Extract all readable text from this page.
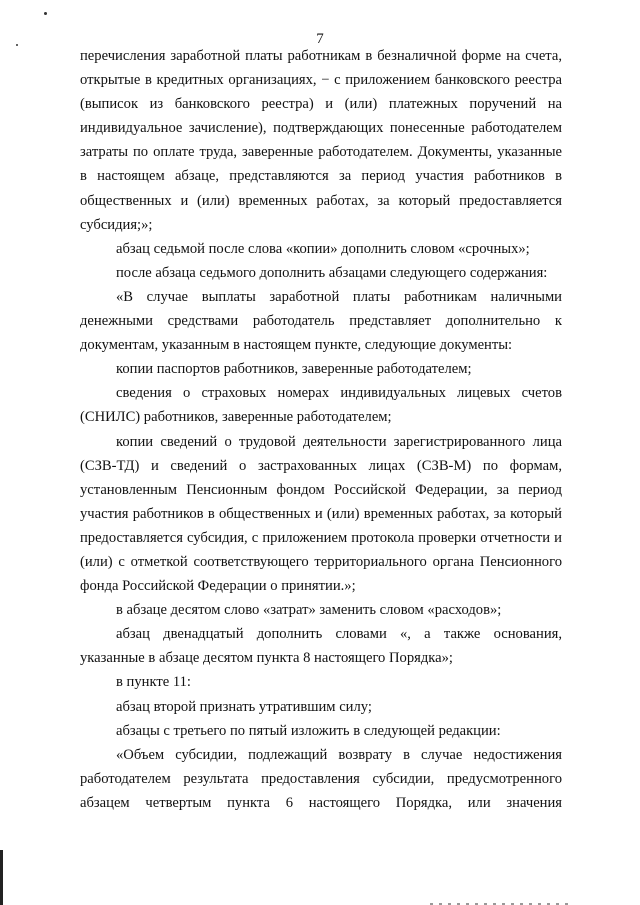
7

перечисления заработной платы работникам в безналичной форме на счета, открытые в кредитных организациях, − с приложением банковского реестра (выписок из банковского реестра) и (или) платежных поручений на индивидуальное зачисление), подтверждающих понесенные работодателем затраты по оплате труда, заверенные работодателем. Документы, указанные в настоящем абзаце, представляются за период участия работников в общественных и (или) временных работах, за который предоставляется субсидия;»;

абзац седьмой после слова «копии» дополнить словом «срочных»;

после абзаца седьмого дополнить абзацами следующего содержания:

«В случае выплаты заработной платы работникам наличными денежными средствами работодатель представляет дополнительно к документам, указанным в настоящем пункте, следующие документы:

копии паспортов работников, заверенные работодателем;

сведения о страховых номерах индивидуальных лицевых счетов (СНИЛС) работников, заверенные работодателем;

копии сведений о трудовой деятельности зарегистрированного лица (СЗВ-ТД) и сведений о застрахованных лицах (СЗВ-М) по формам, установленным Пенсионным фондом Российской Федерации, за период участия работников в общественных и (или) временных работах, за который предоставляется субсидия, с приложением протокола проверки отчетности и (или) с отметкой соответствующего территориального органа Пенсионного фонда Российской Федерации о принятии.»;

в абзаце десятом слово «затрат» заменить словом «расходов»;

абзац двенадцатый дополнить словами «, а также основания, указанные в абзаце десятом пункта 8 настоящего Порядка»;

в пункте 11:

абзац второй признать утратившим силу;

абзацы с третьего по пятый изложить в следующей редакции:

«Объем субсидии, подлежащий возврату в случае недостижения работодателем результата предоставления субсидии, предусмотренного абзацем четвертым пункта 6 настоящего Порядка, или значения
